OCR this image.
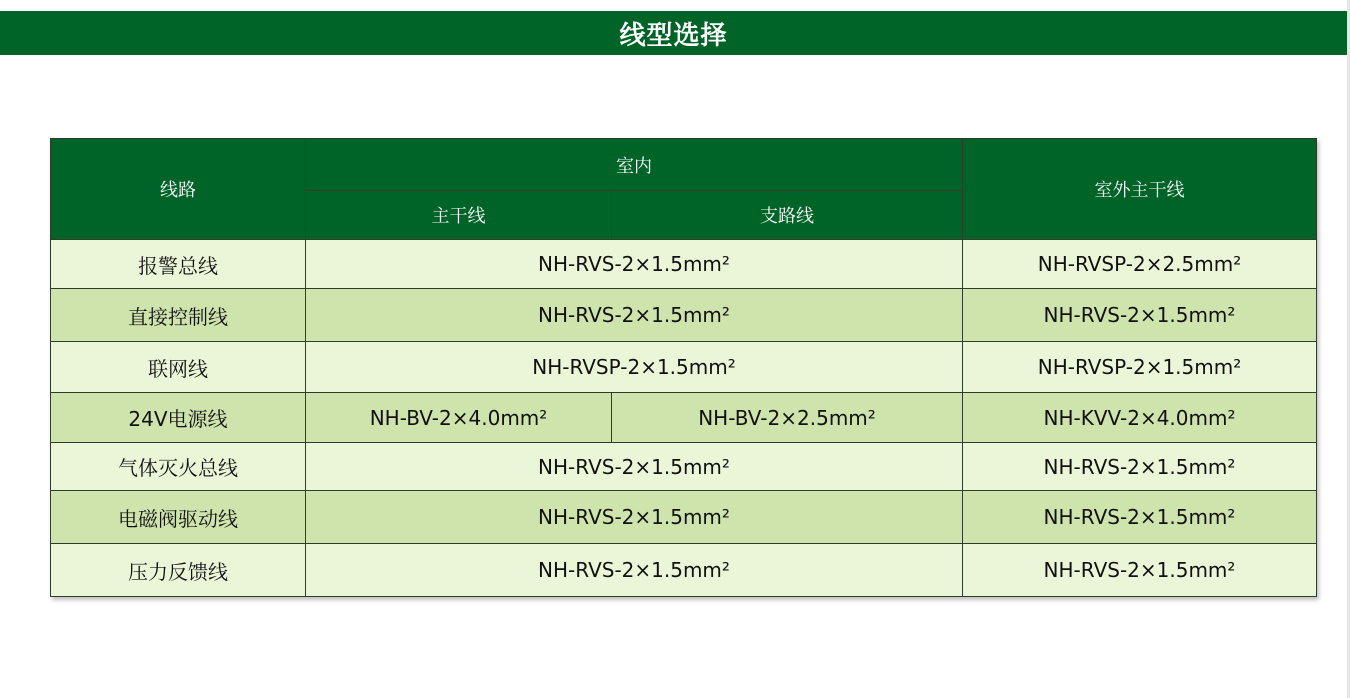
线型选择
线路	室内		室外主干线
	主干线	支路线	
报警总线	NH-RVS-2×1.5mm²		NH-RVSP-2×2.5mm²
直接控制线	NH-RVS-2×1.5mm²		NH-RVS-2×1.5mm²
联网线	NH-RVSP-2×1.5mm²		NH-RVSP-2×1.5mm²
24V电源线	NH-BV-2×4.0mm²	NH-BV-2×2.5mm²	NH-KVV-2×4.0mm²
气体灭火总线	NH-RVS-2×1.5mm²		NH-RVS-2×1.5mm²
电磁阀驱动线	NH-RVS-2×1.5mm²		NH-RVS-2×1.5mm²
压力反馈线	NH-RVS-2×1.5mm²		NH-RVS-2×1.5mm²
